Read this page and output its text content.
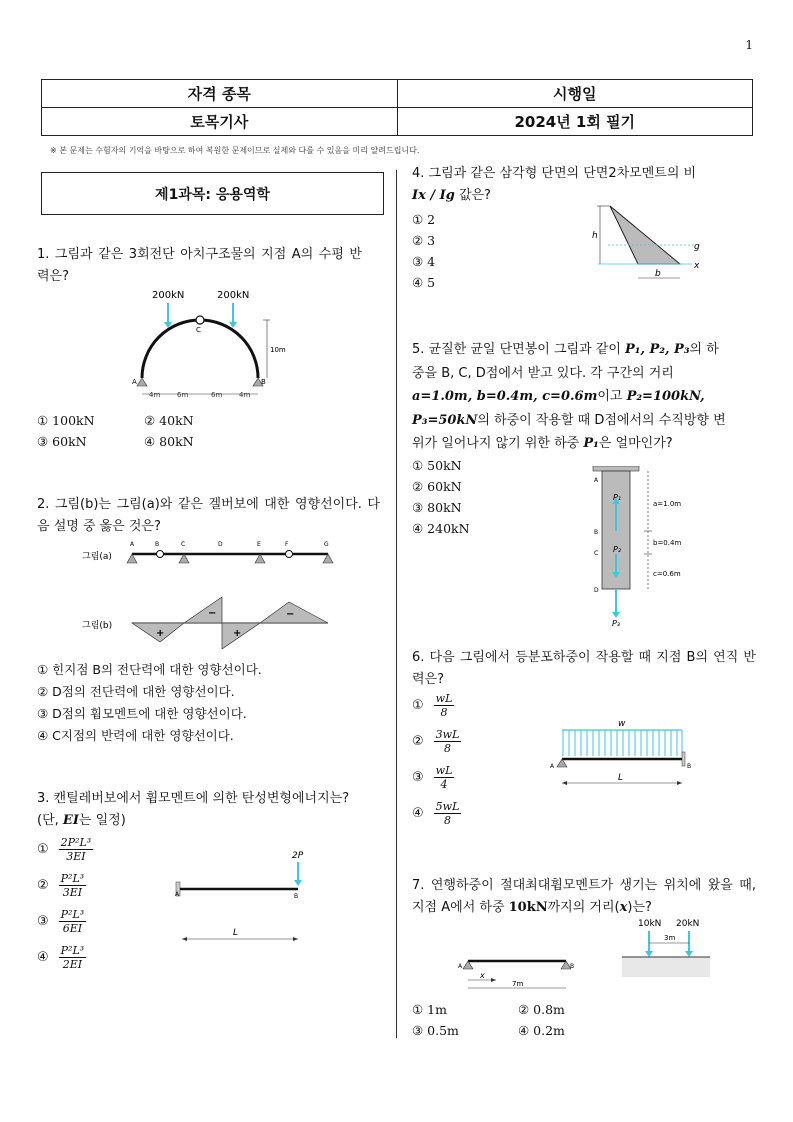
1
자격 종목	시행일
토목기사	2024년 1회 필기
※ 본 문제는 수험자의 기억을 바탕으로 하여 복원한 문제이므로 실제와 다를 수 있음을 미리 알려드립니다.
제1과목: 응용역학
1. 그림과 같은 3회전단 아치구조물의 지점 A의 수평 반력은?
200kN	200kN
C
A	B
10m
4m 6m	6m 4m
① 100kN	② 40kN
③ 60kN	④ 80kN
2. 그림(b)는 그림(a)와 같은 겔버보에 대한 영향선이다. 다음 설명 중 옳은 것은?
그림(a)
A	B	C	D	E	F	G
그림(b)
+
−
+
−
① 힌지점 B의 전단력에 대한 영향선이다.
② D점의 전단력에 대한 영향선이다.
③ D점의 휨모멘트에 대한 영향선이다.
④ C지점의 반력에 대한 영향선이다.
3. 캔틸레버보에서 휨모멘트에 의한 탄성변형에너지는?
(단, EI는 일정)
① $\frac{\text{2P²L³}}{3EI}$
② $\frac{\text{P²L³}}{3EI}$
③ $\frac{\text{P²L³}}{6EI}$
④ $\frac{\text{P²L³}}{2EI}$
2P
A	B
L
4. 그림과 같은 삼각형 단면의 단면2차모멘트의 비
Ix / Ig 값은?
① 2
② 3
③ 4
④ 5
h
g
x
b
5. 균질한 균일 단면봉이 그림과 같이 P₁, P₂, P₃의 하
중을 B, C, D점에서 받고 있다. 각 구간의 거리
a=1.0m, b=0.4m, c=0.6m이고 P₂=100kN,
P₃=50kN의 하중이 작용할 때 D점에서의 수직방향 변
위가 일어나지 않기 위한 하중 P₁은 얼마인가?
① 50kN
② 60kN
③ 80kN
④ 240kN
A
B
C
D
P₁
P₂
P₃
a=1.0m
b=0.4m
c=0.6m
6. 다음 그림에서 등분포하중이 작용할 때 지점 B의 연직 반력은?
① $\frac{wL}{8}$
② $\frac{3wL}{8}$
③ $\frac{wL}{4}$
④ $\frac{5wL}{8}$
w
A	B
L
7. 연행하중이 절대최대휨모멘트가 생기는 위치에 왔을 때, 지점 A에서 하중 10kN까지의 거리(x)는?
10kN 20kN
3m
A	B
x
7m
① 1m	② 0.8m
③ 0.5m	④ 0.2m
